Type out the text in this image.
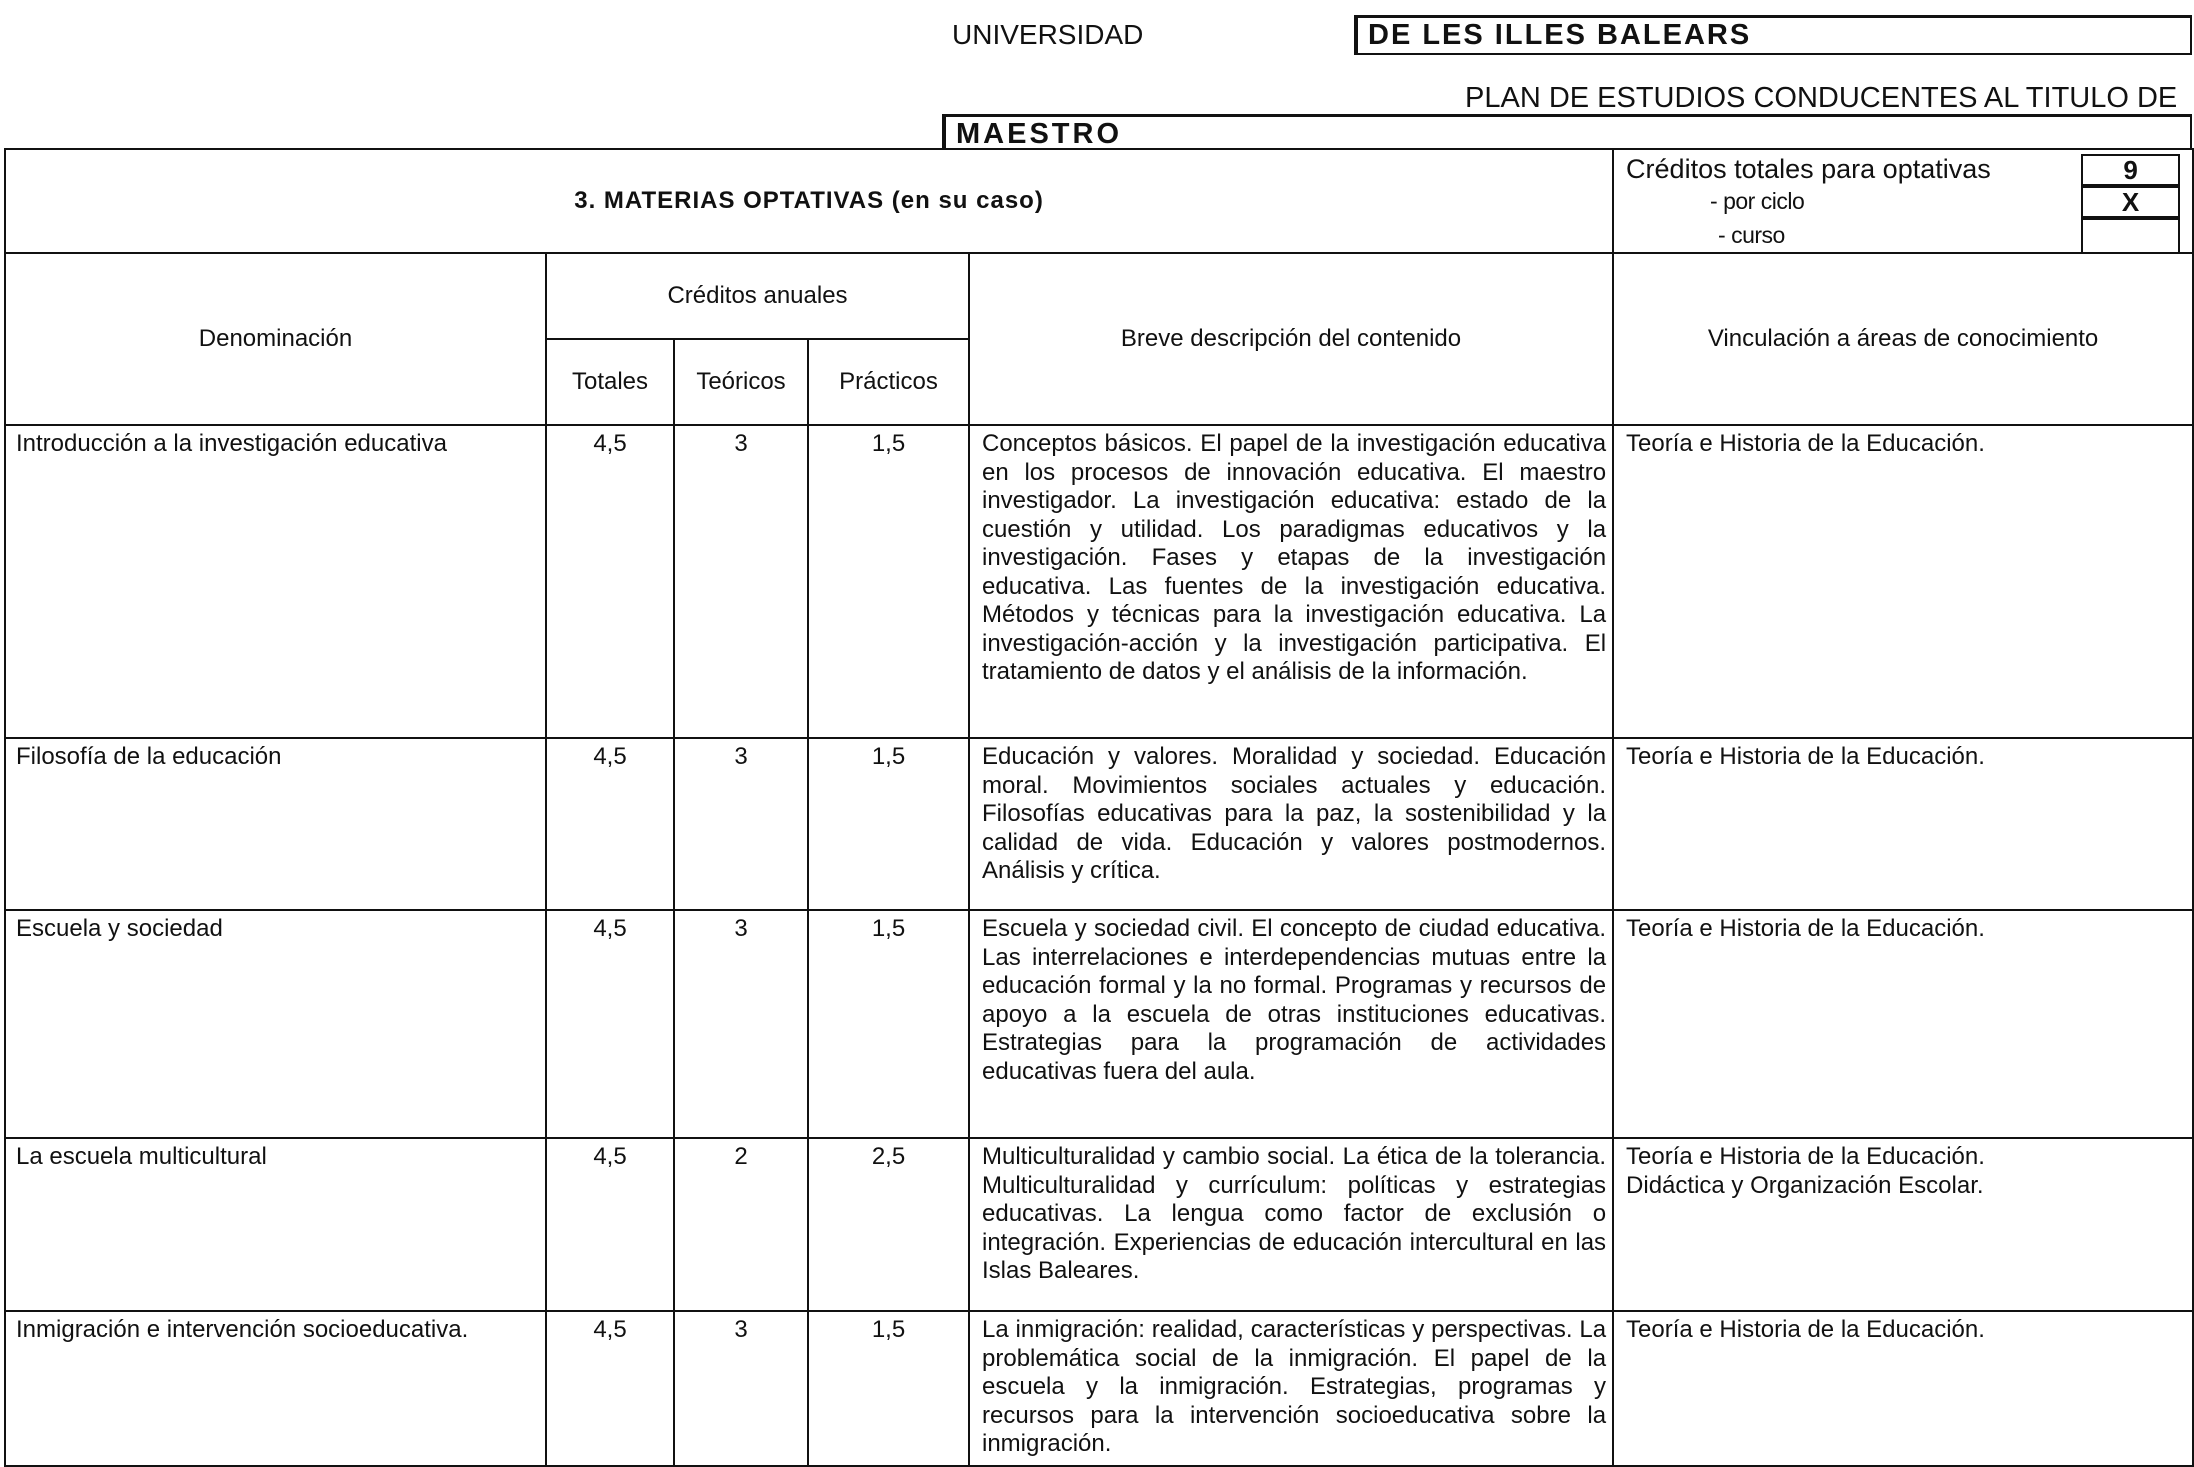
UNIVERSIDAD	DE LES ILLES BALEARS
PLAN DE ESTUDIOS CONDUCENTES AL TITULO DE
MAESTRO
3. MATERIAS OPTATIVAS (en su caso)					Créditos totales para optativas 9
- por ciclo X
- curso

Denominación	Créditos anuales			Breve descripción del contenido	Vinculación a áreas de conocimiento
	Totales	Teóricos	Prácticos		
Introducción a la investigación educativa	4,5	3	1,5	Conceptos básicos. El papel de la investigación educativa en los procesos de innovación educativa. El maestro investigador. La investigación educativa: estado de la cuestión y utilidad. Los paradigmas educativos y la investigación. Fases y etapas de la investigación educativa. Las fuentes de la investigación educativa. Métodos y técnicas para la investigación educativa. La investigación-acción y la investigación participativa. El tratamiento de datos y el análisis de la información.	Teoría e Historia de la Educación.

Filosofía de la educación	4,5	3	1,5	Educación y valores. Moralidad y sociedad. Educación moral. Movimientos sociales actuales y educación. Filosofías educativas para la paz, la sostenibilidad y la calidad de vida. Educación y valores postmodernos. Análisis y crítica.	Teoría e Historia de la Educación.

Escuela y sociedad	4,5	3	1,5	Escuela y sociedad civil. El concepto de ciudad educativa. Las interrelaciones e interdependencias mutuas entre la educación formal y la no formal. Programas y recursos de apoyo a la escuela de otras instituciones educativas. Estrategias para la programación de actividades educativas fuera del aula.	Teoría e Historia de la Educación.

La escuela multicultural	4,5	2	2,5	Multiculturalidad y cambio social. La ética de la tolerancia. Multiculturalidad y currículum: políticas y estrategias educativas. La lengua como factor de exclusión o integración. Experiencias de educación intercultural en las Islas Baleares.	Teoría e Historia de la Educación.
Didáctica y Organización Escolar.

Inmigración e intervención socioeducativa.	4,5	3	1,5	La inmigración: realidad, características y perspectivas. La problemática social de la inmigración. El papel de la escuela y la inmigración. Estrategias, programas y recursos para la intervención socioeducativa sobre la inmigración.	Teoría e Historia de la Educación.
